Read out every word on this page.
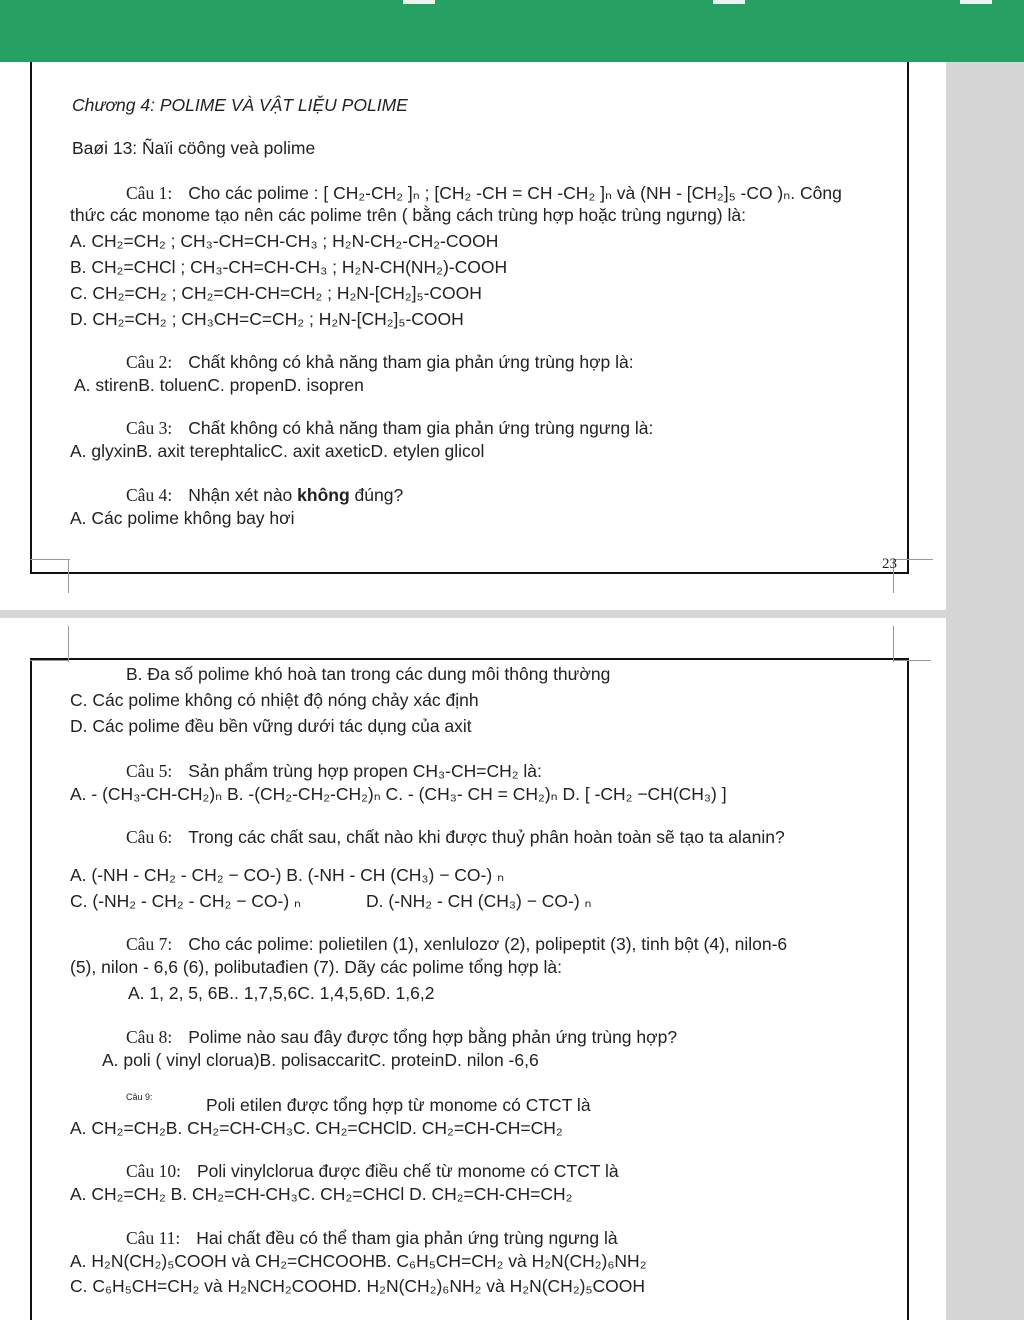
Chương 4: POLIME VÀ VẬT LIỆU POLIME
Baøi 13: Ñaïi cöông veà polime
Câu 1: Cho các polime : [ CH₂-CH₂ ]ₙ ; [CH₂ -CH = CH -CH₂ ]ₙ và (NH - [CH₂]₅ -CO )ₙ. Công
thức các monome tạo nên các polime trên ( bằng cách trùng hợp hoặc trùng ngưng) là:
A. CH₂=CH₂ ; CH₃-CH=CH-CH₃ ; H₂N-CH₂-CH₂-COOH
B. CH₂=CHCl ; CH₃-CH=CH-CH₃ ; H₂N-CH(NH₂)-COOH
C. CH₂=CH₂ ; CH₂=CH-CH=CH₂ ; H₂N-[CH₂]₅-COOH
D. CH₂=CH₂ ; CH₃CH=C=CH₂ ; H₂N-[CH₂]₅-COOH
Câu 2: Chất không có khả năng tham gia phản ứng trùng hợp là:
A. stirenB. toluenC. propenD. isopren
Câu 3: Chất không có khả năng tham gia phản ứng trùng ngưng là:
A. glyxinB. axit terephtalicC. axit axeticD. etylen glicol
Câu 4: Nhận xét nào không đúng?
A. Các polime không bay hơi
23
B. Đa số polime khó hoà tan trong các dung môi thông thường
C. Các polime không có nhiệt độ nóng chảy xác định
D. Các polime đều bền vững dưới tác dụng của axit
Câu 5: Sản phẩm trùng hợp propen CH₃-CH=CH₂ là:
A. - (CH₃-CH-CH₂)ₙ B. -(CH₂-CH₂-CH₂)ₙ C. - (CH₃- CH = CH₂)ₙ D. [ -CH₂ −CH(CH₃) ]
Câu 6: Trong các chất sau, chất nào khi được thuỷ phân hoàn toàn sẽ tạo ta alanin?
A. (-NH - CH₂ - CH₂ − CO-) B. (-NH - CH (CH₃) − CO-) ₙ
C. (-NH₂ - CH₂ - CH₂ − CO-) ₙ	D. (-NH₂ - CH (CH₃) − CO-) ₙ
Câu 7: Cho các polime: polietilen (1), xenlulozơ (2), polipeptit (3), tinh bột (4), nilon-6
(5), nilon - 6,6 (6), polibutađien (7). Dãy các polime tổng hợp là:
A. 1, 2, 5, 6B.. 1,7,5,6C. 1,4,5,6D. 1,6,2
Câu 8: Polime nào sau đây được tổng hợp bằng phản ứng trùng hợp?
A. poli ( vinyl clorua)B. polisaccaritC. proteinD. nilon -6,6
Câu 9:	Poli etilen được tổng hợp từ monome có CTCT là
A. CH₂=CH₂B. CH₂=CH-CH₃C. CH₂=CHClD. CH₂=CH-CH=CH₂
Câu 10: Poli vinylclorua được điều chế từ monome có CTCT là
A. CH₂=CH₂ B. CH₂=CH-CH₃C. CH₂=CHCl D. CH₂=CH-CH=CH₂
Câu 11: Hai chất đều có thể tham gia phản ứng trùng ngưng là
A. H₂N(CH₂)₅COOH và CH₂=CHCOOHB. C₆H₅CH=CH₂ và H₂N(CH₂)₆NH₂
C. C₆H₅CH=CH₂ và H₂NCH₂COOHD. H₂N(CH₂)₆NH₂ và H₂N(CH₂)₅COOH
